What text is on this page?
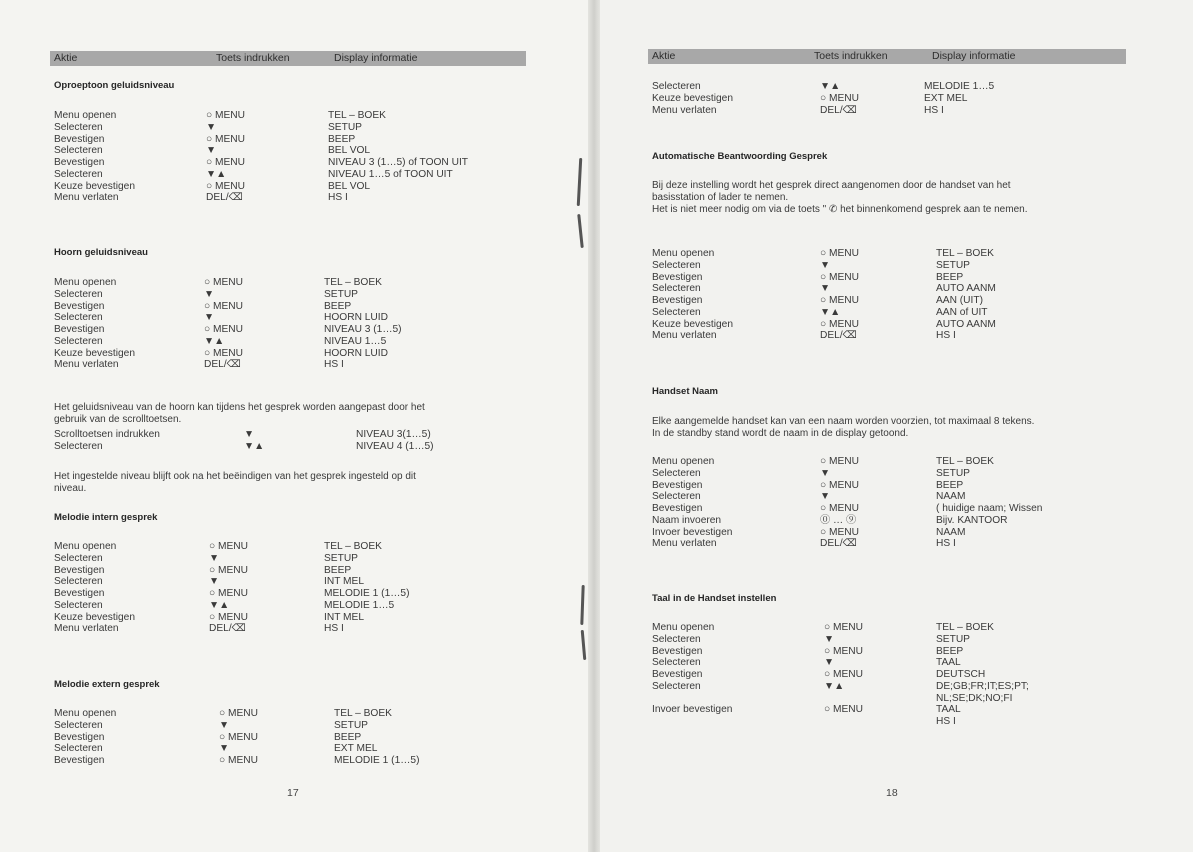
Aktie	Toets indrukken	Display informatie
Oproeptoon geluidsniveau
Menu openen	○ MENU	TEL – BOEK
Selecteren	▼	SETUP
Bevestigen	○ MENU	BEEP
Selecteren	▼	BEL VOL
Bevestigen	○ MENU	NIVEAU 3 (1…5) of TOON UIT
Selecteren	▼▲	NIVEAU 1…5 of TOON UIT
Keuze bevestigen	○ MENU	BEL VOL
Menu verlaten	DEL/⌫	HS I
Hoorn geluidsniveau
Menu openen	○ MENU	TEL – BOEK
Selecteren	▼	SETUP
Bevestigen	○ MENU	BEEP
Selecteren	▼	HOORN LUID
Bevestigen	○ MENU	NIVEAU 3 (1…5)
Selecteren	▼▲	NIVEAU 1…5
Keuze bevestigen	○ MENU	HOORN LUID
Menu verlaten	DEL/⌫	HS I
Het geluidsniveau van de hoorn kan tijdens het gesprek worden aangepast door het
gebruik van de scrolltoetsen.
Scrolltoetsen indrukken	▼	NIVEAU 3(1…5)
Selecteren	▼▲	NIVEAU 4 (1…5)
Het ingestelde niveau blijft ook na het beëindigen van het gesprek ingesteld op dit
niveau.
Melodie intern gesprek
Menu openen	○ MENU	TEL – BOEK
Selecteren	▼	SETUP
Bevestigen	○ MENU	BEEP
Selecteren	▼	INT MEL
Bevestigen	○ MENU	MELODIE 1 (1…5)
Selecteren	▼▲	MELODIE 1…5
Keuze bevestigen	○ MENU	INT MEL
Menu verlaten	DEL/⌫	HS I
Melodie extern gesprek
Menu openen	○ MENU	TEL – BOEK
Selecteren	▼	SETUP
Bevestigen	○ MENU	BEEP
Selecteren	▼	EXT MEL
Bevestigen	○ MENU	MELODIE 1 (1…5)
17
Aktie	Toets indrukken	Display informatie
Selecteren	▼▲	MELODIE 1…5
Keuze bevestigen	○ MENU	EXT MEL
Menu verlaten	DEL/⌫	HS I
Automatische Beantwoording Gesprek
Bij deze instelling wordt het gesprek direct aangenomen door de handset van het
basisstation of lader te nemen.
Het is niet meer nodig om via de toets " ✆ het binnenkomend gesprek aan te nemen.
Menu openen	○ MENU	TEL – BOEK
Selecteren	▼	SETUP
Bevestigen	○ MENU	BEEP
Selecteren	▼	AUTO AANM
Bevestigen	○ MENU	AAN (UIT)
Selecteren	▼▲	AAN of UIT
Keuze bevestigen	○ MENU	AUTO AANM
Menu verlaten	DEL/⌫	HS I
Handset Naam
Elke aangemelde handset kan van een naam worden voorzien, tot maximaal 8 tekens.
In de standby stand wordt de naam in de display getoond.
Menu openen	○ MENU	TEL – BOEK
Selecteren	▼	SETUP
Bevestigen	○ MENU	BEEP
Selecteren	▼	NAAM
Bevestigen	○ MENU	( huidige naam; Wissen
Naam invoeren	⓪ … ⑨	Bijv. KANTOOR
Invoer bevestigen	○ MENU	NAAM
Menu verlaten	DEL/⌫	HS I
Taal in de Handset instellen
Menu openen	○ MENU	TEL – BOEK
Selecteren	▼	SETUP
Bevestigen	○ MENU	BEEP
Selecteren	▼	TAAL
Bevestigen	○ MENU	DEUTSCH
Selecteren	▼▲	DE;GB;FR;IT;ES;PT;
NL;SE;DK;NO;FI
Invoer bevestigen	○ MENU	TAAL
HS I
18
